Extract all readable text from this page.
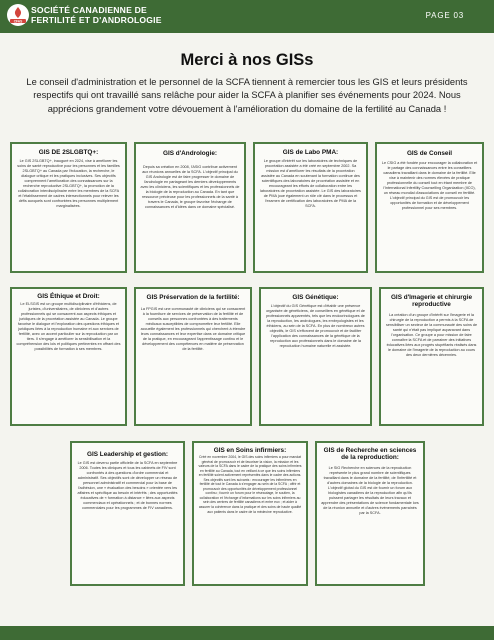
CFAS
SOCIÉTÉ CANADIENNE DE
FERTILITÉ ET D'ANDROLOGIE	PAGE 03
Merci à nos GISs
Le conseil d'administration et le personnel de la SCFA tiennent à remercier tous les GIS et leurs présidents respectifs qui ont travaillé sans relâche pour aider la SCFA à planifier ses événements pour 2024. Nous apprécions grandement votre dévouement à l'amélioration du domaine de la fertilité au Canada !
GIS DE 2SLGBTQ+:
Le GIS 2SLGBTQ+, inauguré en 2024, vise à améliorer les soins de santé reproductive pour les personnes et les familles 2SLGBTQ+ au Canada par l'éducation, la recherche, le dialogue critique et les pratiques inclusives. Ses objectifs comprennent l'amélioration des connaissances sur la recherche reproductive 2SLGBTQ+, la promotion de la collaboration interdisciplinaire entre les membres de la SCFA et l'établissement de cadres intersectionnels pour relever les défis auxquels sont confrontées les personnes multiplement marginalisées.
GIS d'Andrologie:
Depuis sa création en 2008, l'ASIG contribue activement aux réunions annuelles de la SCFA. L'objectif principal du GIS Andrologie est de faire progresser le domaine de l'andrologie en partageant les derniers développements avec les cliniciens, les scientifiques et les professionnels de la biologie de la reproduction au Canada. En tant que ressource précieuse pour les professionnels de la santé à travers le Canada, le groupe favorise l'échange de connaissances et d'idées dans ce domaine spécialisé.
GIS de Labo PMA:
Le groupe d'intérêt sur les laboratoires de techniques de procréation assistée a été créé en septembre 2002. Sa mission est d'améliorer les résultats de la procréation assistée au Canada en soutenant la formation continue des scientifiques des laboratoires de procréation assistée et en encourageant les efforts de collaboration entre les laboratoires de procréation assistée. Le GIS des laboratoires de PMA joue également un rôle clé dans le processus et l'examen de certification des laboratoires de PMA de la SCFA.
GIS de Conseil
Le CSIG a été fondée pour encourager la collaboration et le partage des connaissances entre les conseillers canadiens travaillant dans le domaine de la fertilité. Elle vise à maintenir des normes élevées de pratique professionnelle du conseil tout en étant membre de l'International Infertility Counselling Organization (IICO), un réseau mondial d'associations de conseil en fertilité. L'objectif principal du GIS est de promouvoir les opportunités de formation et de développement professionnel pour ses membres.
GIS Éthique et Droit:
Le ELSGIS est un groupe multidisciplinaire d'éthiciens, de juristes, d'universitaires, de cliniciens et d'autres professionnels qui se consacrent aux aspects éthiques et juridiques de la procréation assistée au Canada. Le groupe favorise le dialogue et l'exploration des questions éthiques et juridiques liées à la reproduction humaine et aux services de fertilité, avec un accent particulier sur la reproduction par un tiers. Il s'engage à améliorer la sensibilisation et la compréhension des lois et politiques pertinentes en offrant des possibilités de formation à ses membres.
GIS Préservation de la fertilité:
La FPGIS est une communauté de cliniciens qui se consacrent à la fourniture de services de préservation de la fertilité et de conseils aux personnes confrontées à des traitements médicaux susceptibles de compromettre leur fertilité. Elle accueille également les professionnels qui cherchent à étendre leurs connaissances et leur expertise dans ce domaine critique de la pratique, en encourageant l'apprentissage continu et le développement des compétences en matière de préservation de la fertilité.
GIS Génétique:
L'objectif du GIS Génétique est d'établir une présence organisée de généticiens, de conseillers en génétique et de professionnels apparentés, tels que les endocrinologues de la reproduction, les andrologues, les embryologistes et les éthiciens, au sein de la SCFA. En plus de nombreux autres objectifs, le GIS s'efforcent de promouvoir et de faciliter l'application des connaissances de la génétique de la reproduction aux professionnels dans le domaine de la reproduction humaine naturelle et assistée.
GIS d'Imagerie et chirurgie reproductive
La création d'un groupe d'intérêt sur l'imagerie et la chirurgie de la reproduction a permis à la SCFA de sensibiliser un secteur de la communauté des soins de santé qui n'était pas impliqué auparavant dans l'organisation. Ce groupe a pour mission de faire connaître la SCFA et de parrainer des initiatives éducatives liées aux progrès stupéfiants réalisés dans le domaine de l'imagerie de la reproduction au cours des deux dernières décennies.
GIS Leadership et gestion:
Le GIS est devenu partie officielle de la SCFA en septembre 2006. Toutes les cliniques et tous les cabinets de FIV sont confrontés à des questions d'ordre commercial et administratif. Ses objectifs sont de développer un réseau de personnel administratif et commercial pour la base de l'adhésion, une « évaluation des besoins » orientée vers les affaires et spécifique au besoin et intérêts ; des opportunités éducatives de « formation à distance » liées aux aspects commerciaux et opérationnels ; et de bonnes normes commerciales pour les programmes de FIV canadiens.
GIS en Soins infirmiers:
Créé en novembre 2004, le GIS des soins infirmiers a pour mandat général de promouvoir et de favoriser la vision, la mission et les valeurs de la SCFA dans le cadre de la pratique des soins infirmiers en fertilité au Canada, tout en veillant à ce que les soins infirmiers en fertilité soient activement représentés dans le cadre des actions. Ses objectifs sont les suivants : encourager les infirmières en fertilité de tout le Canada à s'engager au sein de la SCFA ; offrir et promouvoir des opportunités de développement professionnel continu ; fournir un forum pour le réseautage, le soutien, la collaboration et l'échange d'informations sur les soins infirmiers au sein des centres de fertilité canadiens et entre eux ; et aider à assurer la cohérence dans la pratique et des soins de haute qualité aux patients dans le cadre de la médecine reproductive.
GIS de Recherche en sciences de la reproduction:
Le SIG Recherche en sciences de la reproduction représente le plus grand nombre de scientifiques travaillant dans le domaine de la fertilité, de l'infertilité et d'autres domaines de la biologie de la reproduction. L'objectif global du GIS est de fournir un forum aux biologistes canadiens de la reproduction afin qu'ils puissent partager les résultats de leurs travaux et apprendre des présentations de science fondamentale lors de la réunion annuelle et d'autres événements parrainés par la SCFA.
